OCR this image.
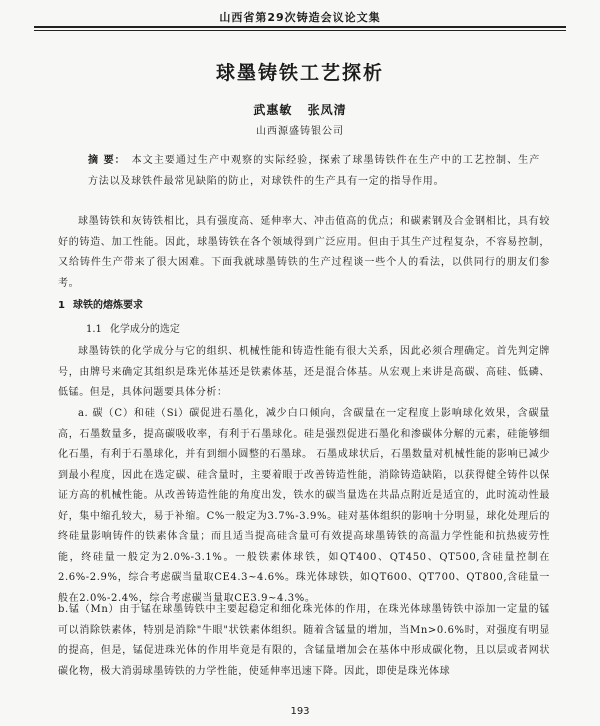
山西省第29次铸造会议论文集
球墨铸铁工艺探析
武惠敏 张凤清
山西源盛铸银公司
摘 要： 本文主要通过生产中观察的实际经验，探索了球墨铸铁件在生产中的工艺控制、生产方法以及球铁件最常见缺陷的防止，对球铁件的生产具有一定的指导作用。
球墨铸铁和灰铸铁相比，具有强度高、延伸率大、冲击值高的优点；和碳素钢及合金钢相比，具有较好的铸造、加工性能。因此，球墨铸铁在各个领域得到广泛应用。但由于其生产过程复杂，不容易控制，又给铸件生产带来了很大困难。下面我就球墨铸铁的生产过程谈一些个人的看法，以供同行的朋友们参考。
1 球铁的熔炼要求
1.1 化学成分的选定
球墨铸铁的化学成分与它的组织、机械性能和铸造性能有很大关系，因此必须合理确定。首先判定牌号，由牌号来确定其组织是珠光体基还是铁素体基，还是混合体基。从宏观上来讲是高碳、高硅、低磷、低锰。但是，具体问题要具体分析：
a. 碳（C）和硅（Si）碳促进石墨化，减少白口倾向，含碳量在一定程度上影响球化效果，含碳量高，石墨数量多，提高碳吸收率，有利于石墨球化。硅是强烈促进石墨化和渗碳体分解的元素，硅能够细化石墨，有利于石墨球化，并有到细小圆整的石墨球。 石墨成球状后，石墨数量对机械性能的影响已减少到最小程度，因此在选定碳、硅含量时，主要着眼于改善铸造性能，消除铸造缺陷，以获得健全铸件以保证方高的机械性能。从改善铸造性能的角度出发，铁水的碳当量选在共晶点附近是适宜的，此时流动性最好，集中缩孔较大，易于补缩。C%一般定为3.7%-3.9%。硅对基体组织的影响十分明显，球化处理后的终硅量影响铸件的铁素体含量；而且适当提高硅含量可有效提高球墨铸铁的高温力学性能和抗热疲劳性能，终硅量一般定为2.0%-3.1%。一般铁素体球铁，如QT400、QT450、QT500,含硅量控制在2.6%-2.9%，综合考虑碳当量取CE4.3~4.6%。珠光体球铁，如QT600、QT700、QT800,含硅量一般在2.0%-2.4%，综合考虑碳当量取CE3.9~4.3%。
b.锰（Mn）由于锰在球墨铸铁中主要起稳定和细化珠光体的作用，在珠光体球墨铸铁中添加一定量的锰可以消除铁素体，特别是消除"牛眼"状铁素体组织。随着含锰量的增加，当Mn>0.6%时，对强度有明显的提高，但是，锰促进珠光体的作用毕竟是有限的，含锰量增加会在基体中形成碳化物，且以层或者网状碳化物，极大消弱球墨铸铁的力学性能，使延伸率迅速下降。因此，即使是珠光体球
193
